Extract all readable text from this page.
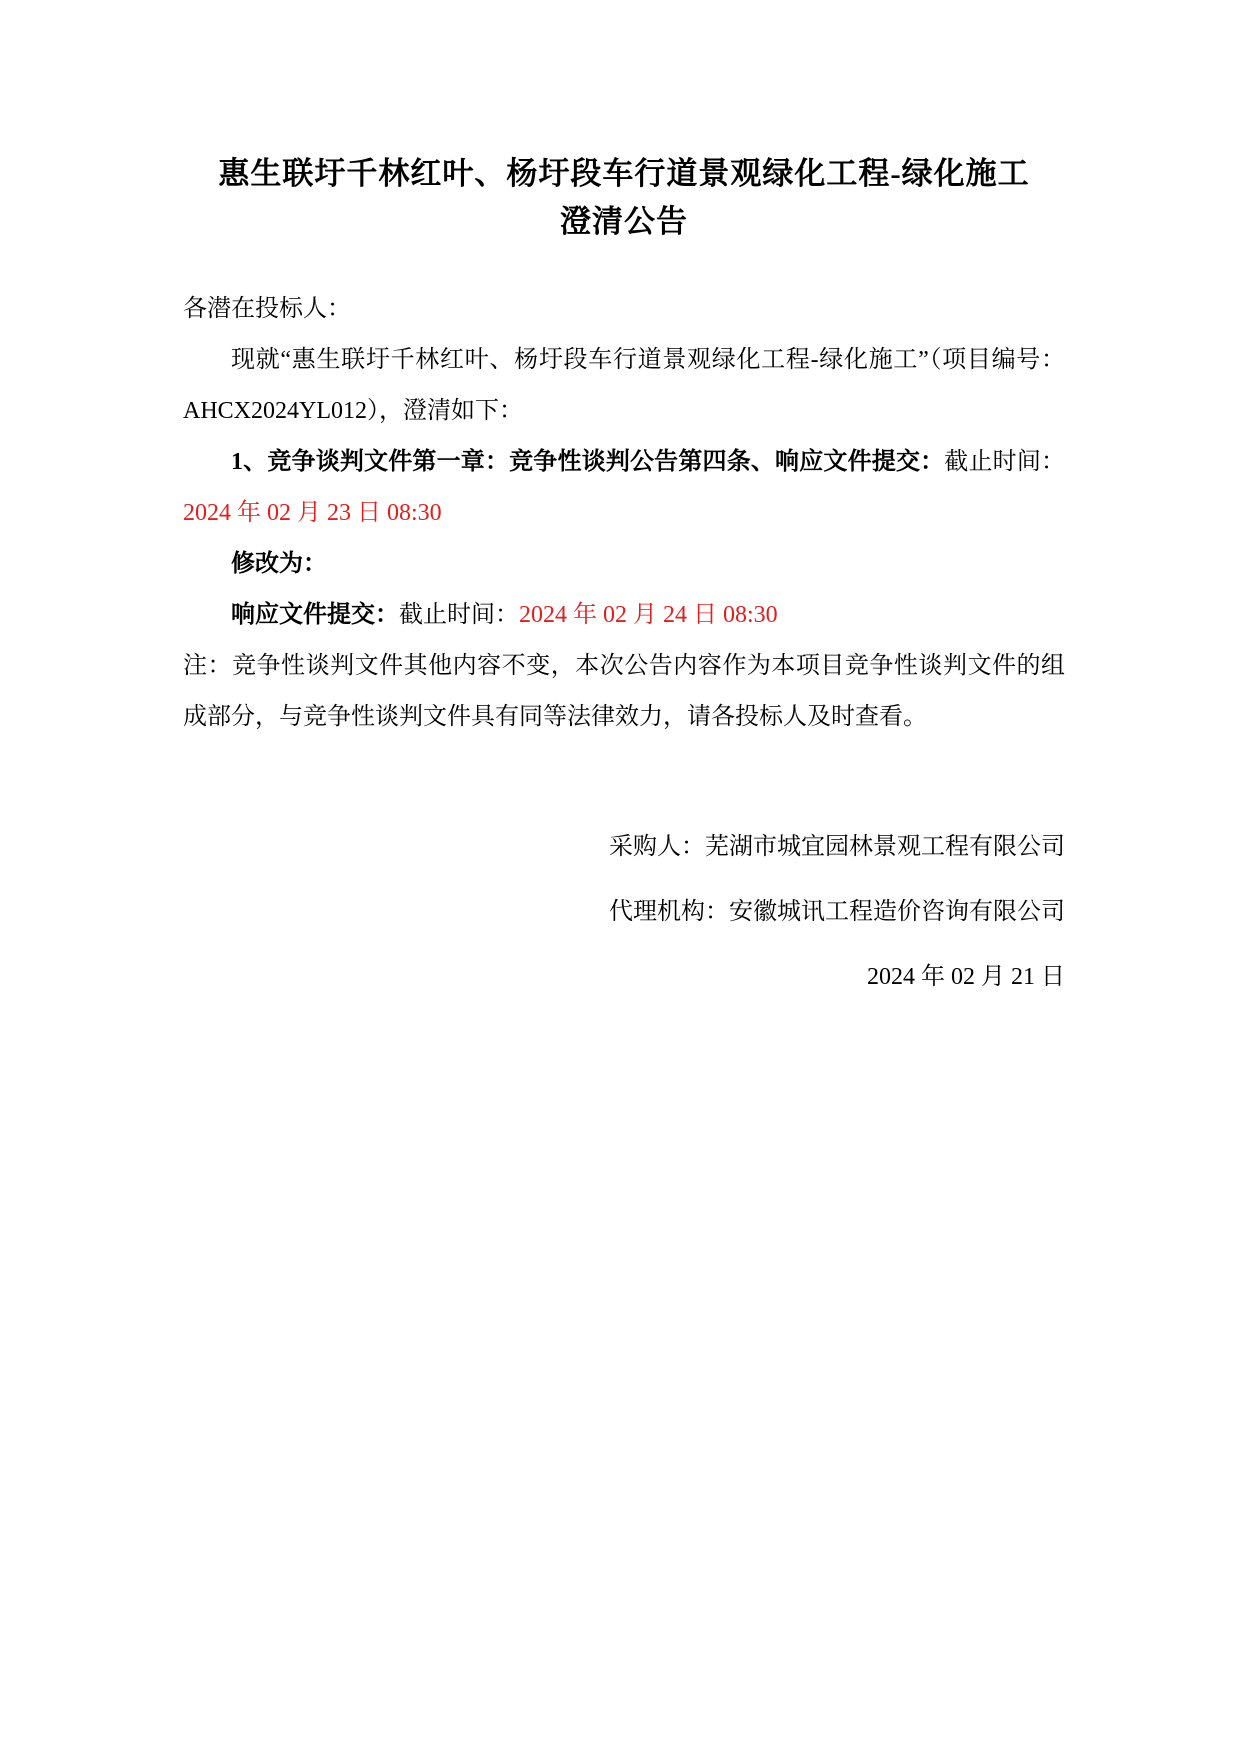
惠生联圩千林红叶、杨圩段车行道景观绿化工程-绿化施工
澄清公告

各潜在投标人：

现就“惠生联圩千林红叶、杨圩段车行道景观绿化工程-绿化施工”（项目编号：AHCX2024YL012），澄清如下：

1、竞争谈判文件第一章：竞争性谈判公告第四条、响应文件提交：截止时间：2024 年 02 月 23 日 08:30

修改为：

响应文件提交：截止时间：2024 年 02 月 24 日 08:30

注：竞争性谈判文件其他内容不变，本次公告内容作为本项目竞争性谈判文件的组成部分，与竞争性谈判文件具有同等法律效力，请各投标人及时查看。

采购人：芜湖市城宜园林景观工程有限公司
代理机构：安徽城讯工程造价咨询有限公司
2024 年 02 月 21 日
